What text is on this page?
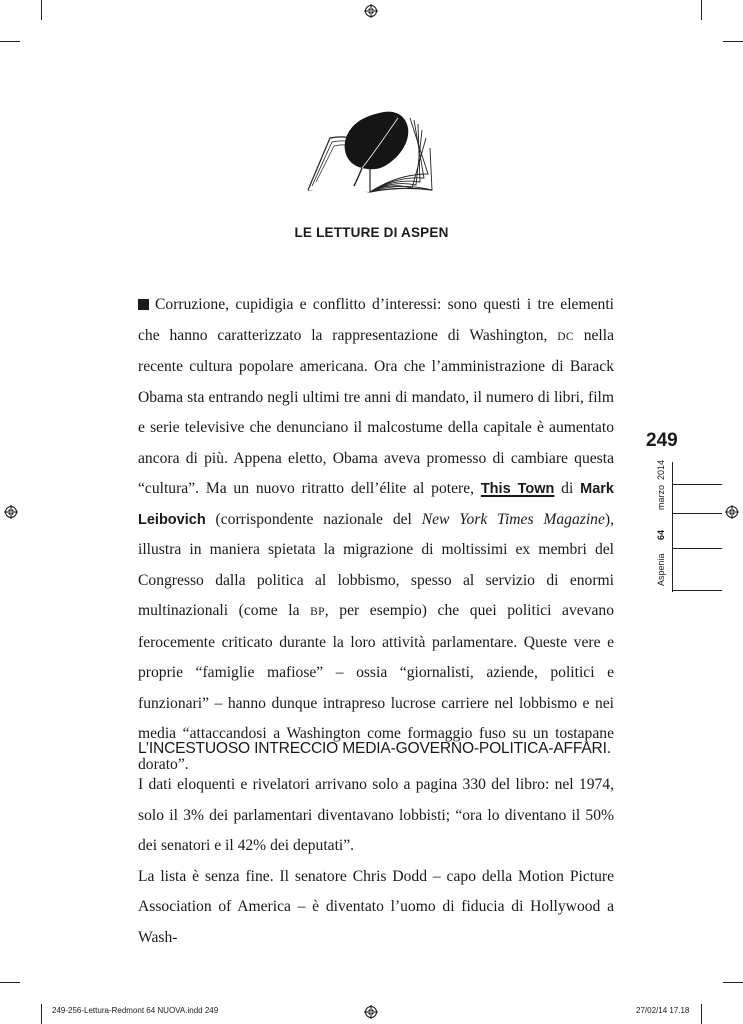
LE LETTURE DI ASPEN

Corruzione, cupidigia e conflitto d’interessi: sono questi i tre elementi che hanno caratterizzato la rappresentazione di Washington, DC nella recente cultura popolare americana. Ora che l’amministrazione di Barack Obama sta entrando negli ultimi tre anni di mandato, il numero di libri, film e serie televisive che denunciano il malcostume della capitale è aumentato ancora di più. Appena eletto, Obama aveva promesso di cambiare questa “cultura”. Ma un nuovo ritratto dell’élite al potere, This Town di Mark Leibovich (corrispondente nazionale del New York Times Magazine), illustra in maniera spietata la migrazione di moltissimi ex membri del Congresso dalla politica al lobbismo, spesso al servizio di enormi multinazionali (come la BP, per esempio) che quei politici avevano ferocemente criticato durante la loro attività parlamentare. Queste vere e proprie “famiglie mafiose” – ossia “giornalisti, aziende, politici e funzionari” – hanno dunque intrapreso lucrose carriere nel lobbismo e nei media “attaccandosi a Washington come formaggio fuso su un tostapane dorato”.

L’INCESTUOSO INTRECCIO MEDIA-GOVERNO-POLITICA-AFFARI.

I dati eloquenti e rivelatori arrivano solo a pagina 330 del libro: nel 1974, solo il 3% dei parlamentari diventavano lobbisti; “ora lo diventano il 50% dei senatori e il 42% dei deputati”.

La lista è senza fine. Il senatore Chris Dodd – capo della Motion Picture Association of America – è diventato l’uomo di fiducia di Hollywood a Wash-

249
2014
marzo
64
Aspenia
249-256-Lettura-Redmont 64 NUOVA.indd 249	27/02/14 17.18
